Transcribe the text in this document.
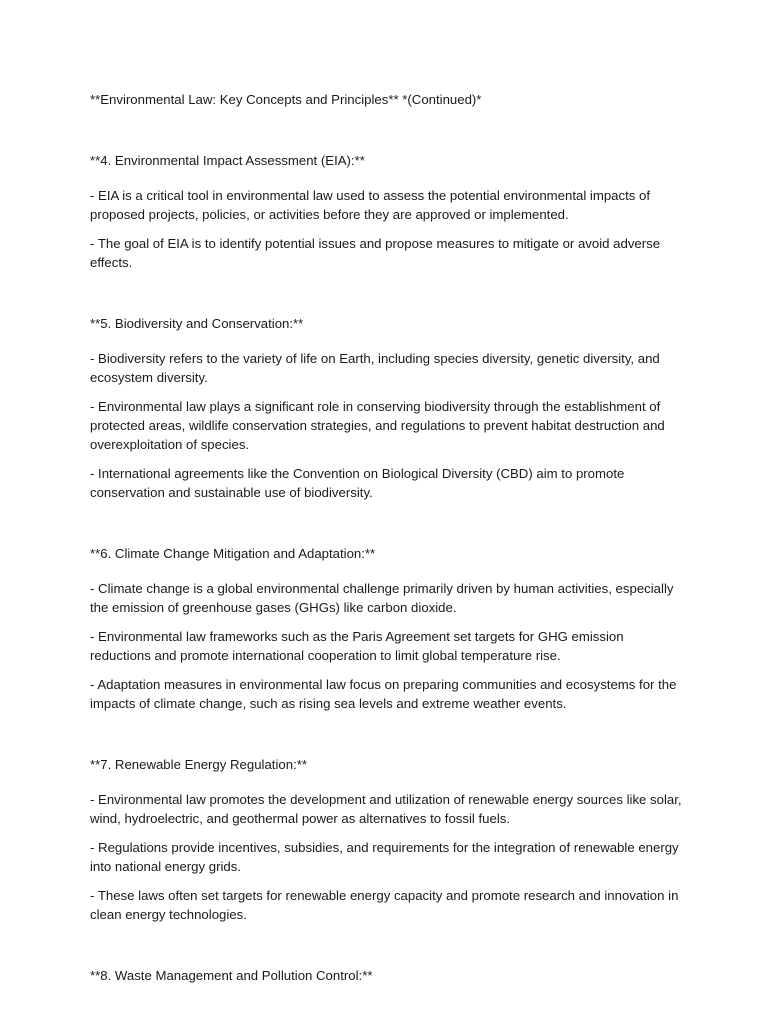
**Environmental Law: Key Concepts and Principles** *(Continued)*

**4. Environmental Impact Assessment (EIA):**

- EIA is a critical tool in environmental law used to assess the potential environmental impacts of proposed projects, policies, or activities before they are approved or implemented.

- The goal of EIA is to identify potential issues and propose measures to mitigate or avoid adverse effects.

**5. Biodiversity and Conservation:**

- Biodiversity refers to the variety of life on Earth, including species diversity, genetic diversity, and ecosystem diversity.

- Environmental law plays a significant role in conserving biodiversity through the establishment of protected areas, wildlife conservation strategies, and regulations to prevent habitat destruction and overexploitation of species.

- International agreements like the Convention on Biological Diversity (CBD) aim to promote conservation and sustainable use of biodiversity.

**6. Climate Change Mitigation and Adaptation:**

- Climate change is a global environmental challenge primarily driven by human activities, especially the emission of greenhouse gases (GHGs) like carbon dioxide.

- Environmental law frameworks such as the Paris Agreement set targets for GHG emission reductions and promote international cooperation to limit global temperature rise.

- Adaptation measures in environmental law focus on preparing communities and ecosystems for the impacts of climate change, such as rising sea levels and extreme weather events.

**7. Renewable Energy Regulation:**

- Environmental law promotes the development and utilization of renewable energy sources like solar, wind, hydroelectric, and geothermal power as alternatives to fossil fuels.

- Regulations provide incentives, subsidies, and requirements for the integration of renewable energy into national energy grids.

- These laws often set targets for renewable energy capacity and promote research and innovation in clean energy technologies.

**8. Waste Management and Pollution Control:**
